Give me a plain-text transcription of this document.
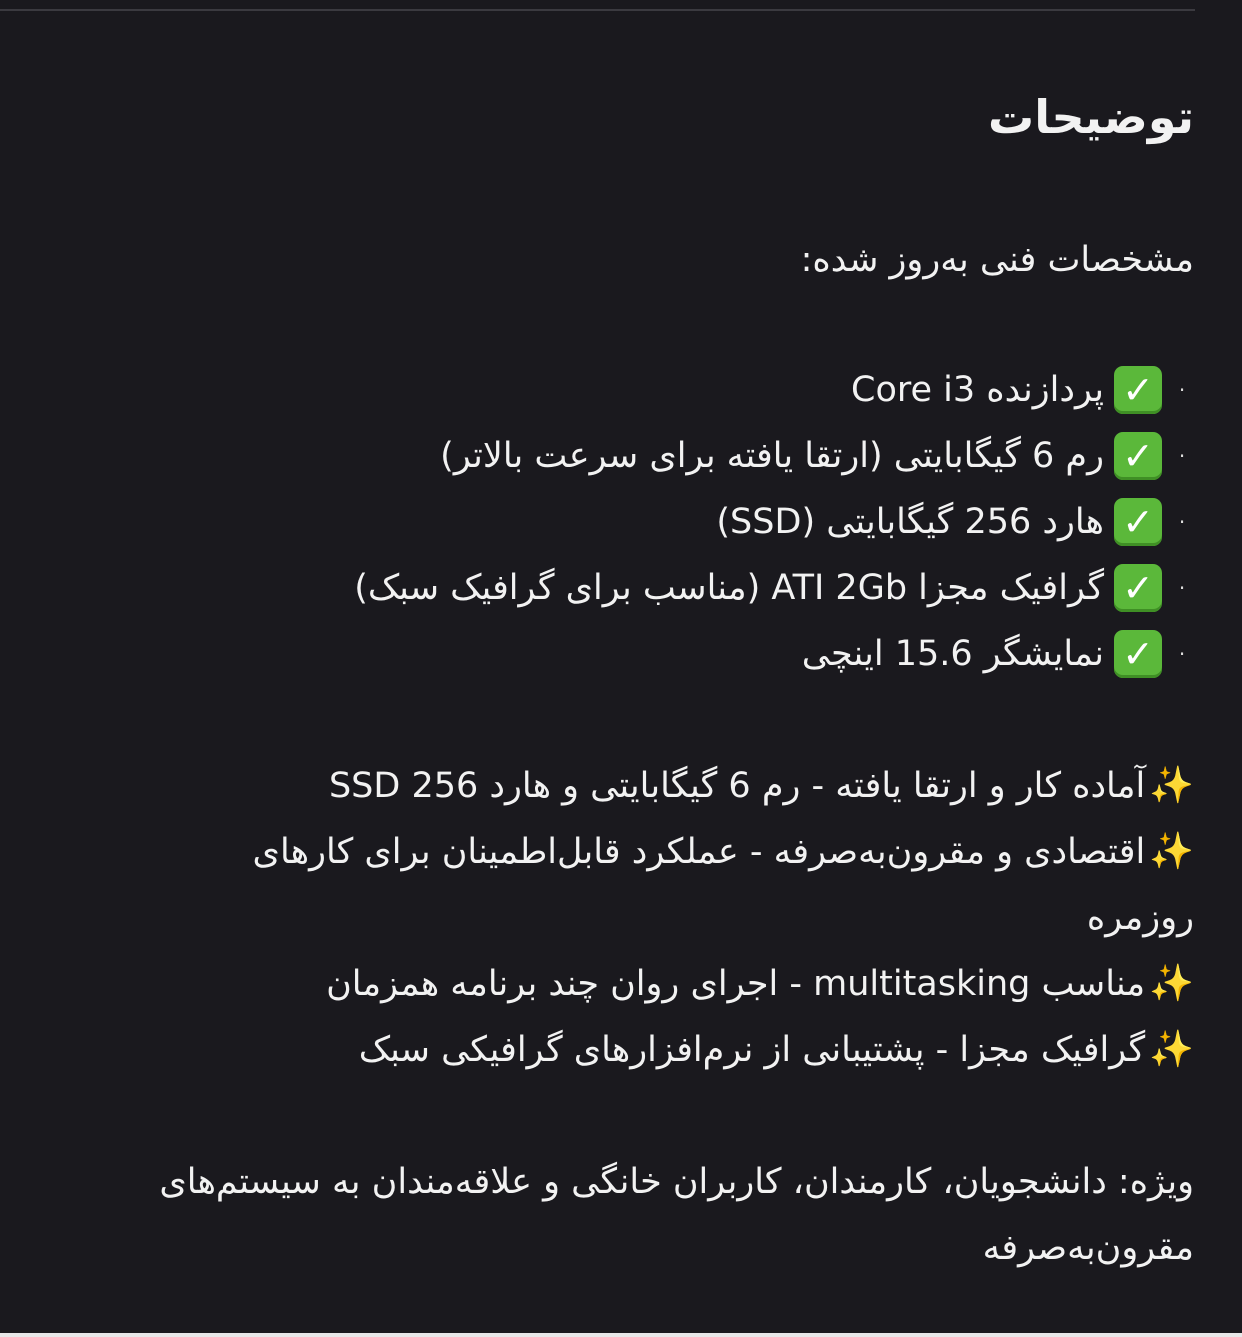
توضیحات

مشخصات فنی به‌روز شده:

·
✓
پردازنده Core i3
·
✓
رم 6 گیگابایتی (ارتقا یافته برای سرعت بالاتر)
·
✓
هارد 256 گیگابایتی (SSD)
·
✓
گرافیک مجزا ATI 2Gb (مناسب برای گرافیک سبک)
·
✓
نمایشگر 15.6 اینچی

✨آماده کار و ارتقا یافته - رم 6 گیگابایتی و هارد SSD 256

✨اقتصادی و مقرون‌به‌صرفه - عملکرد قابل‌اطمینان برای کارهای روزمره

✨مناسب multitasking - اجرای روان چند برنامه همزمان

✨گرافیک مجزا - پشتیبانی از نرم‌افزارهای گرافیکی سبک

ویژه: دانشجویان، کارمندان، کاربران خانگی و علاقه‌مندان به سیستم‌های مقرون‌به‌صرفه
